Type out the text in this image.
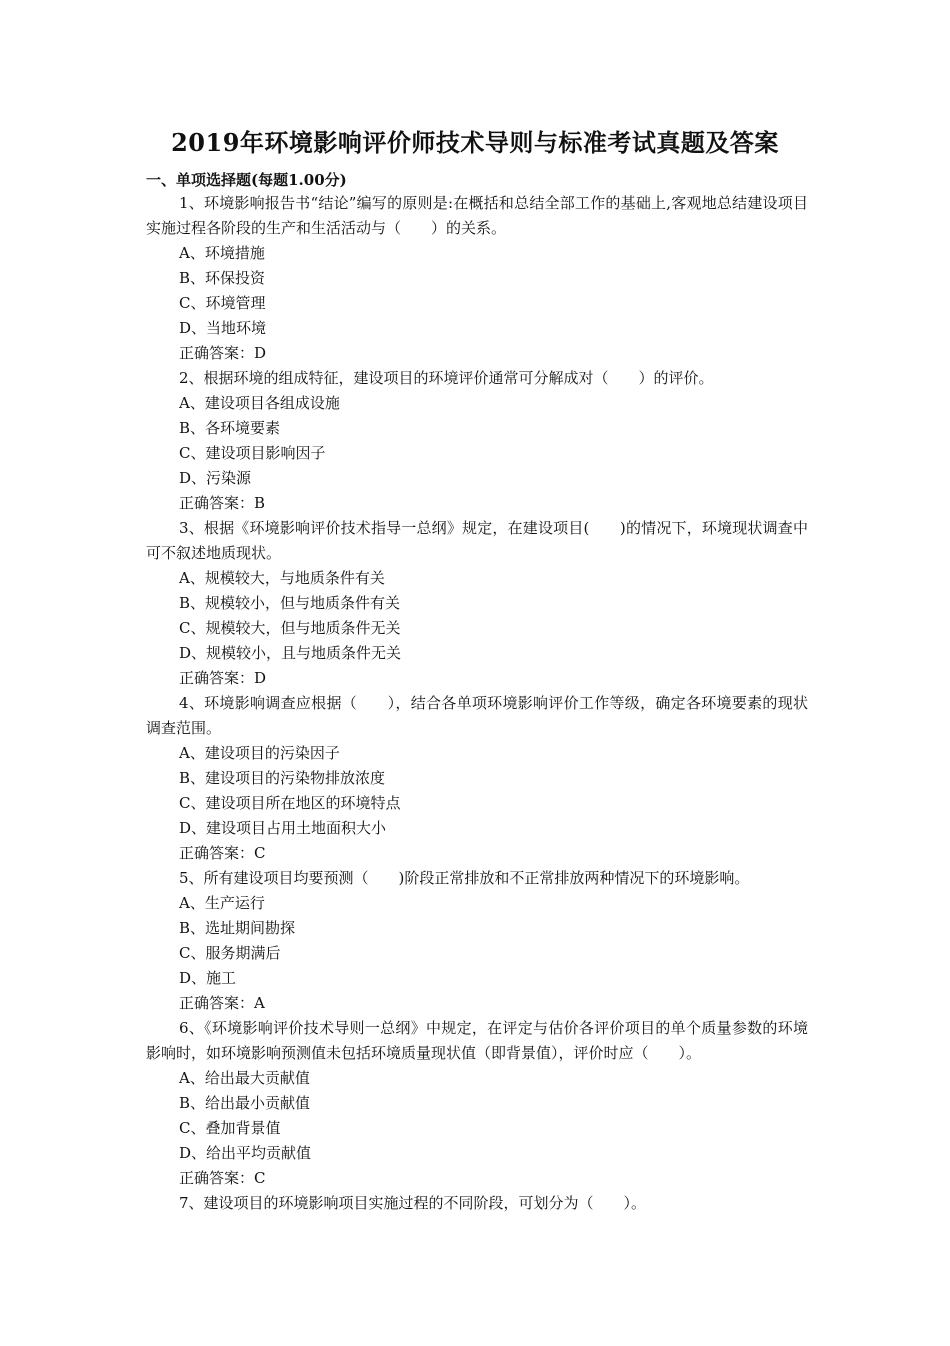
2019年环境影响评价师技术导则与标准考试真题及答案
一、单项选择题(每题1.00分)

1、环境影响报告书“结论”编写的原则是:在概括和总结全部工作的基础上,客观地总结建设项目实施过程各阶段的生产和生活活动与（　　）的关系。

A、环境措施

B、环保投资

C、环境管理

D、当地环境

正确答案：D

2、根据环境的组成特征，建设项目的环境评价通常可分解成对（　　）的评价。

A、建设项目各组成设施

B、各环境要素

C、建设项目影响因子

D、污染源

正确答案：B

3、根据《环境影响评价技术指导一总纲》规定，在建设项目(　　)的情况下，环境现状调查中可不叙述地质现状。

A、规模较大，与地质条件有关

B、规模较小，但与地质条件有关

C、规模较大，但与地质条件无关

D、规模较小，且与地质条件无关

正确答案：D

4、环境影响调查应根据（　　），结合各单项环境影响评价工作等级，确定各环境要素的现状调查范围。

A、建设项目的污染因子

B、建设项目的污染物排放浓度

C、建设项目所在地区的环境特点

D、建设项目占用土地面积大小

正确答案：C

5、所有建设项目均要预测（　　)阶段正常排放和不正常排放两种情况下的环境影响。

A、生产运行

B、选址期间勘探

C、服务期满后

D、施工

正确答案：A

6、《环境影响评价技术导则一总纲》中规定，在评定与估价各评价项目的单个质量参数的环境影响时，如环境影响预测值未包括环境质量现状值（即背景值），评价时应（　　）。

A、给出最大贡献值

B、给出最小贡献值

C、叠加背景值

D、给出平均贡献值

正确答案：C

7、建设项目的环境影响项目实施过程的不同阶段，可划分为（　　）。
